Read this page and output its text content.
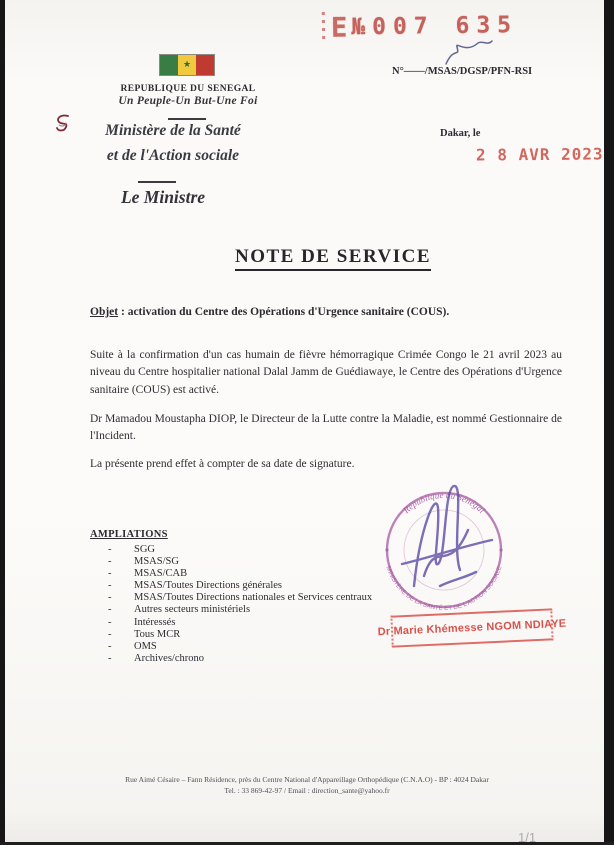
E №007 635
★
REPUBLIQUE DU SENEGAL
Un Peuple-Un But-Une Foi
Ministère de la Santé
et de l'Action sociale
Le Ministre
N°——/MSAS/DGSP/PFN-RSI
Dakar, le
2 8 AVR 2023
NOTE DE SERVICE
Objet : activation du Centre des Opérations d'Urgence sanitaire (COUS).

Suite à la confirmation d'un cas humain de fièvre hémorragique Crimée Congo le 21 avril 2023 au niveau du Centre hospitalier national Dalal Jamm de Guédiawaye, le Centre des Opérations d'Urgence sanitaire (COUS) est activé.

Dr Mamadou Moustapha DIOP, le Directeur de la Lutte contre la Maladie, est nommé Gestionnaire de l'Incident.

La présente prend effet à compter de sa date de signature.

AMPLIATIONS
- SGG
- MSAS/SG
- MSAS/CAB
- MSAS/Toutes Directions générales
- MSAS/Toutes Directions nationales et Services centraux
- Autres secteurs ministériels
- Intéressés
- Tous MCR
- OMS
- Archives/chrono
République du Sénégal
MINISTÈRE DE LA SANTÉ ET DE L'ACTION SOCIALE
Dr Marie Khémesse NGOM NDIAYE
Rue Aimé Césaire – Fann Résidence, près du Centre National d'Appareillage Orthopédique (C.N.A.O) - BP : 4024 Dakar
Tel. : 33 869-42-97 / Email : direction_sante@yahoo.fr
1/1
